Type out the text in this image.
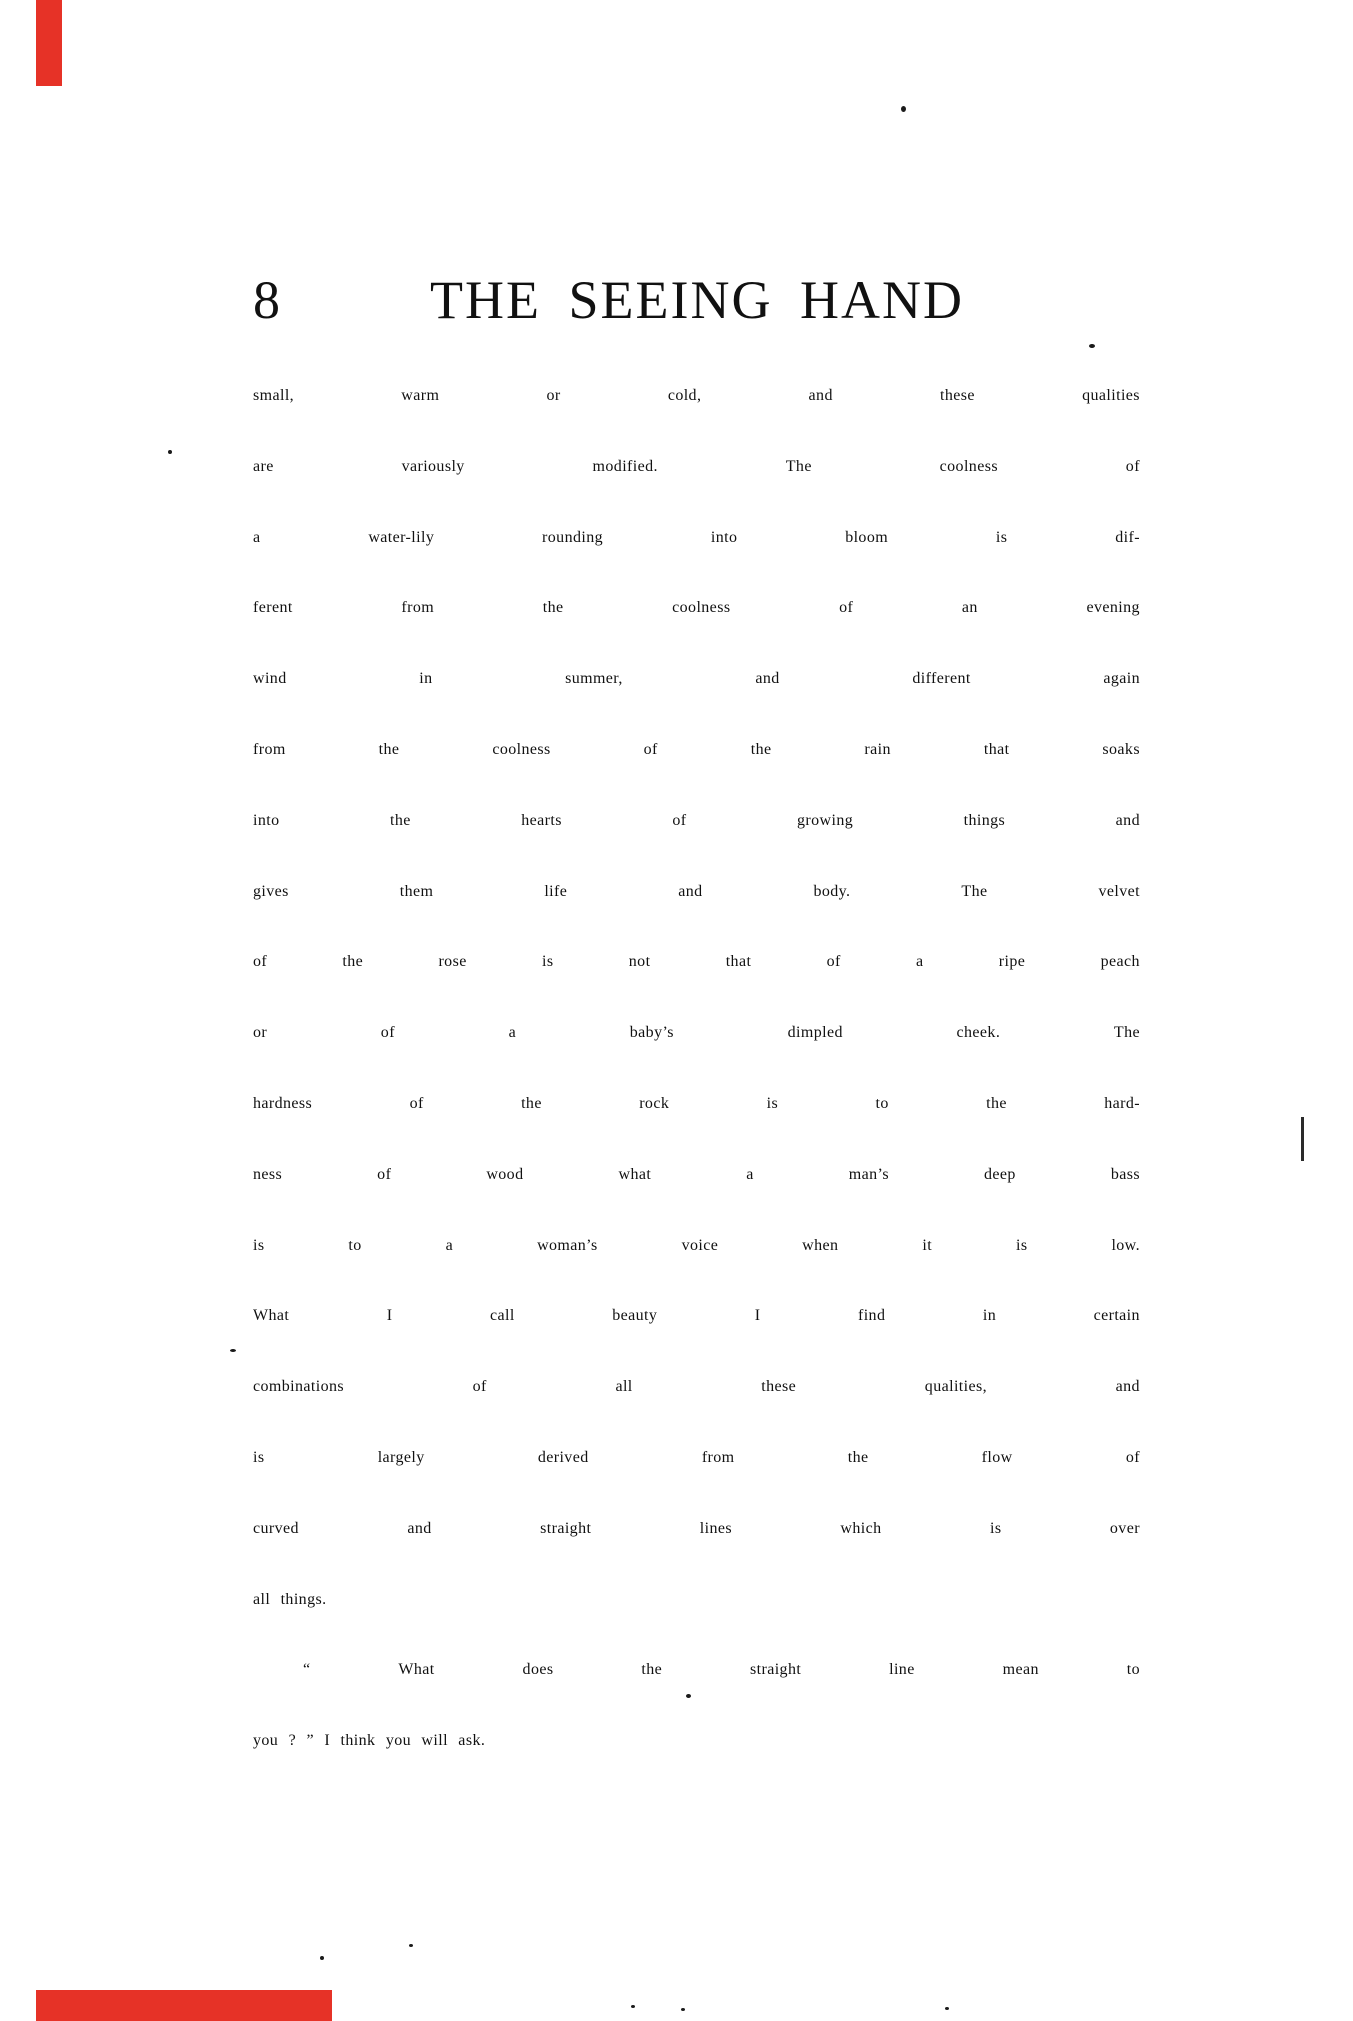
8	THE SEEING HAND
small,	warm	or	cold,	and	these	qualities
are	variously	modified.	The	coolness	of
a	water-lily	rounding	into	bloom	is	dif-
ferent	from	the	coolness	of	an	evening
wind	in	summer,	and	different	again
from	the	coolness	of	the	rain	that	soaks
into	the	hearts	of	growing	things	and
gives	them	life	and	body.	The	velvet
of	the	rose	is	not	that	of	a	ripe	peach
or	of	a	baby’s	dimpled	cheek.	The
hardness	of	the	rock	is	to	the	hard-
ness	of	wood	what	a	man’s	deep	bass
is	to	a	woman’s	voice	when	it	is	low.
What	I	call	beauty	I	find	in	certain
combinations	of	all	these	qualities,	and
is	largely	derived	from	the	flow	of
curved	and	straight	lines	which	is	over
all things.
“	What	does	the	straight	line	mean	to
you ? ” I think you will ask.
